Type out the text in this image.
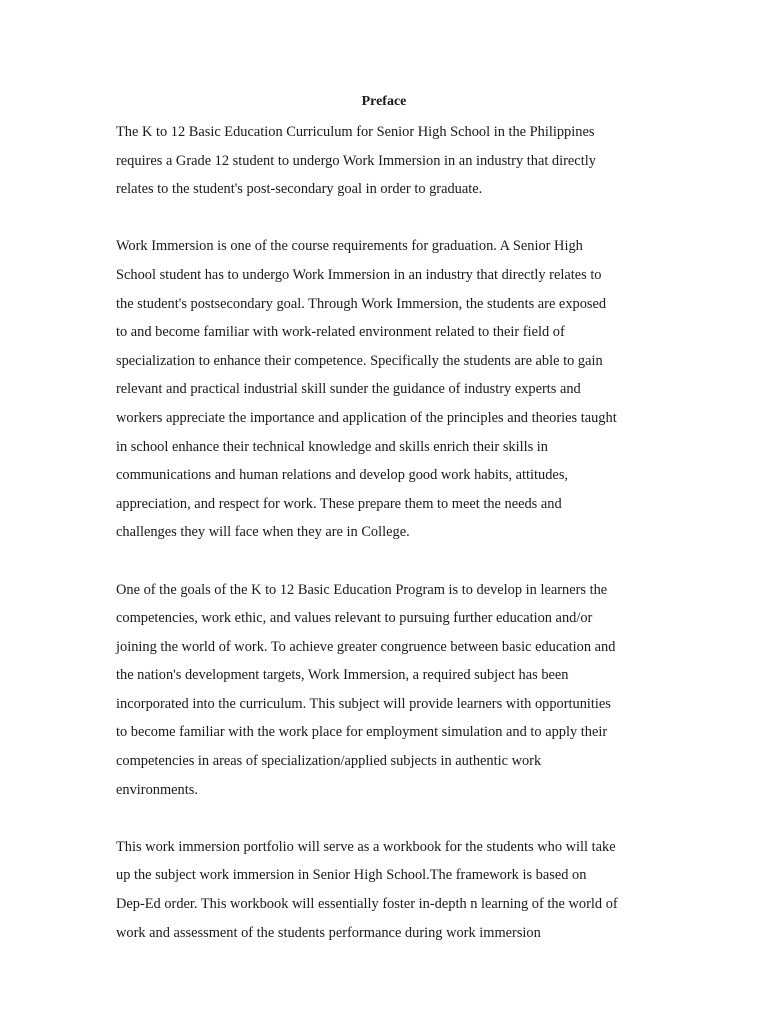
Preface

The K to 12 Basic Education Curriculum for Senior High School in the Philippines
requires a Grade 12 student to undergo Work Immersion in an industry that directly
relates to the student's post-secondary goal in order to graduate.

Work Immersion is one of the course requirements for graduation. A Senior High
School student has to undergo Work Immersion in an industry that directly relates to
the student's postsecondary goal. Through Work Immersion, the students are exposed
to and become familiar with work-related environment related to their field of
specialization to enhance their competence. Specifically the students are able to gain
relevant and practical industrial skill sunder the guidance of industry experts and
workers appreciate the importance and application of the principles and theories taught
in school enhance their technical knowledge and skills enrich their skills in
communications and human relations and develop good work habits, attitudes,
appreciation, and respect for work. These prepare them to meet the needs and
challenges they will face when they are in College.

One of the goals of the K to 12 Basic Education Program is to develop in learners the
competencies, work ethic, and values relevant to pursuing further education and/or
joining the world of work. To achieve greater congruence between basic education and
the nation's development targets, Work Immersion, a required subject has been
incorporated into the curriculum. This subject will provide learners with opportunities
to become familiar with the work place for employment simulation and to apply their
competencies in areas of specialization/applied subjects in authentic work
environments.

This work immersion portfolio will serve as a workbook for the students who will take
up the subject work immersion in Senior High School.The framework is based on
Dep-Ed order. This workbook will essentially foster in-depth n learning of the world of
work and assessment of the students performance during work immersion
